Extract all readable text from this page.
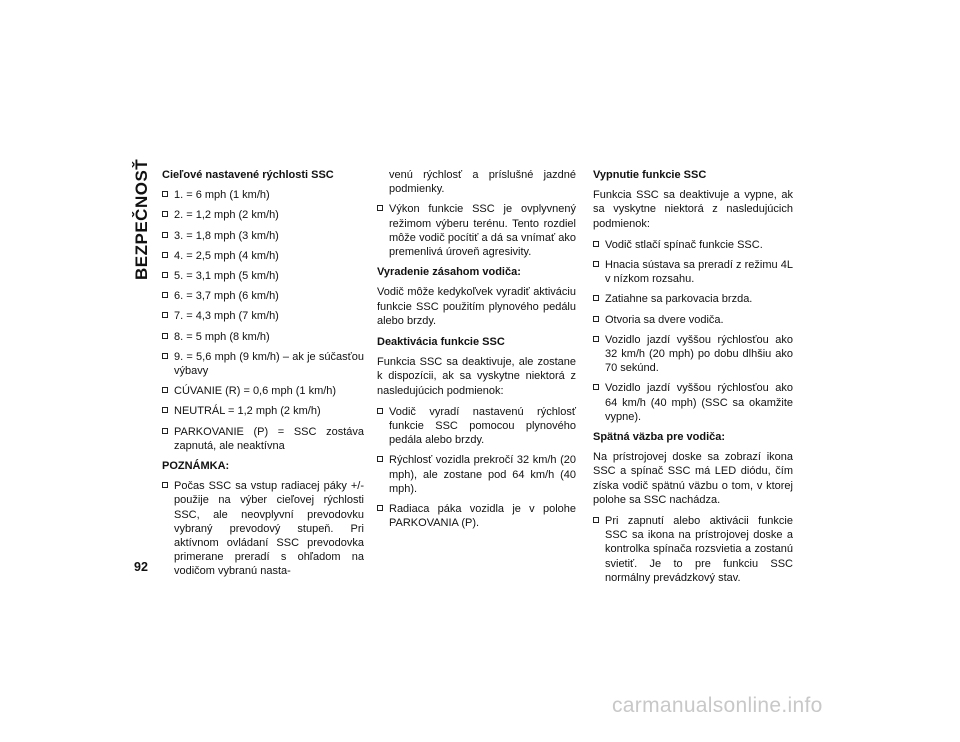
BEZPEČNOSŤ
92
Cieľové nastavené rýchlosti SSC
1. = 6 mph (1 km/h)
2. = 1,2 mph (2 km/h)
3. = 1,8 mph (3 km/h)
4. = 2,5 mph (4 km/h)
5. = 3,1 mph (5 km/h)
6. = 3,7 mph (6 km/h)
7. = 4,3 mph (7 km/h)
8. = 5 mph (8 km/h)
9. = 5,6 mph (9 km/h) – ak je súčasťou výbavy
CÚVANIE (R) = 0,6 mph (1 km/h)
NEUTRÁL = 1,2 mph (2 km/h)
PARKOVANIE (P) = SSC zostáva zapnutá, ale neaktívna
POZNÁMKA:
Počas SSC sa vstup radiacej páky +/- použije na výber cieľovej rýchlosti SSC, ale neovplyvní prevodovku vybraný prevodový stupeň. Pri aktívnom ovládaní SSC prevodovka primerane preradí s ohľadom na vodičom vybranú nasta-
venú rýchlosť a príslušné jazdné podmienky.
Výkon funkcie SSC je ovplyvnený režimom výberu terénu. Tento rozdiel môže vodič pocítiť a dá sa vnímať ako premenlivá úroveň agresivity.
Vyradenie zásahom vodiča:

Vodič môže kedykoľvek vyradiť aktiváciu funkcie SSC použitím plynového pedálu alebo brzdy.

Deaktivácia funkcie SSC

Funkcia SSC sa deaktivuje, ale zostane k dispozícii, ak sa vyskytne niektorá z nasledujúcich podmienok:

Vodič vyradí nastavenú rýchlosť funkcie SSC pomocou plynového pedála alebo brzdy.
Rýchlosť vozidla prekročí 32 km/h (20 mph), ale zostane pod 64 km/h (40 mph).
Radiaca páka vozidla je v polohe PARKOVANIA (P).
Vypnutie funkcie SSC

Funkcia SSC sa deaktivuje a vypne, ak sa vyskytne niektorá z nasledujúcich podmienok:

Vodič stlačí spínač funkcie SSC.
Hnacia sústava sa preradí z režimu 4L v nízkom rozsahu.
Zatiahne sa parkovacia brzda.
Otvoria sa dvere vodiča.
Vozidlo jazdí vyššou rýchlosťou ako 32 km/h (20 mph) po dobu dlhšiu ako 70 sekúnd.
Vozidlo jazdí vyššou rýchlosťou ako 64 km/h (40 mph) (SSC sa okamžite vypne).
Spätná väzba pre vodiča:

Na prístrojovej doske sa zobrazí ikona SSC a spínač SSC má LED diódu, čím získa vodič spätnú väzbu o tom, v ktorej polohe sa SSC nachádza.

Pri zapnutí alebo aktivácii funkcie SSC sa ikona na prístrojovej doske a kontrolka spínača rozsvietia a zostanú svietiť. Je to pre funkciu SSC normálny prevádzkový stav.
carmanualsonline.info
